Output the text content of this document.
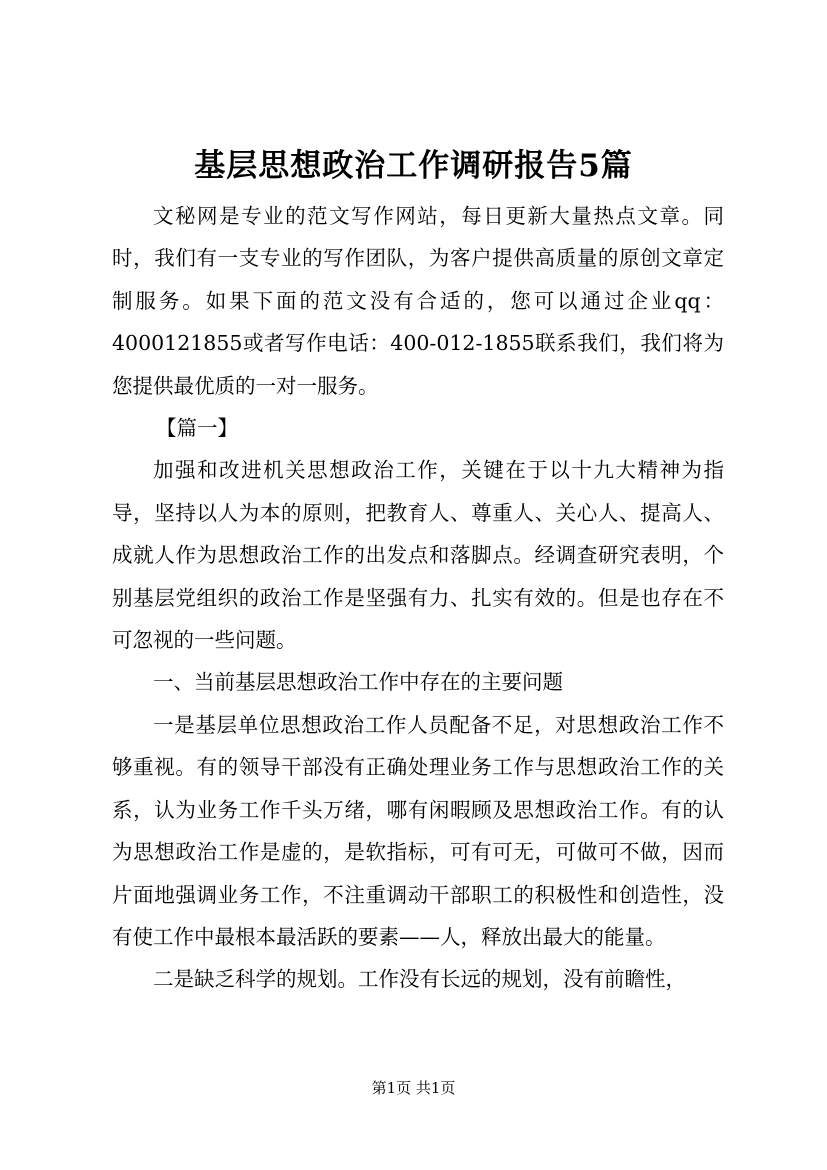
基层思想政治工作调研报告5篇

文秘网是专业的范文写作网站，每日更新大量热点文章。同时，我们有一支专业的写作团队，为客户提供高质量的原创文章定制服务。如果下面的范文没有合适的，您可以通过企业qq：4000121855或者写作电话：400-012-1855联系我们，我们将为您提供最优质的一对一服务。

【篇一】

加强和改进机关思想政治工作，关键在于以十九大精神为指导，坚持以人为本的原则，把教育人、尊重人、关心人、提高人、成就人作为思想政治工作的出发点和落脚点。经调查研究表明，个别基层党组织的政治工作是坚强有力、扎实有效的。但是也存在不可忽视的一些问题。

一、当前基层思想政治工作中存在的主要问题

一是基层单位思想政治工作人员配备不足，对思想政治工作不够重视。有的领导干部没有正确处理业务工作与思想政治工作的关系，认为业务工作千头万绪，哪有闲暇顾及思想政治工作。有的认为思想政治工作是虚的，是软指标，可有可无，可做可不做，因而片面地强调业务工作，不注重调动干部职工的积极性和创造性，没有使工作中最根本最活跃的要素——人，释放出最大的能量。

二是缺乏科学的规划。工作没有长远的规划，没有前瞻性，

第1页 共1页
